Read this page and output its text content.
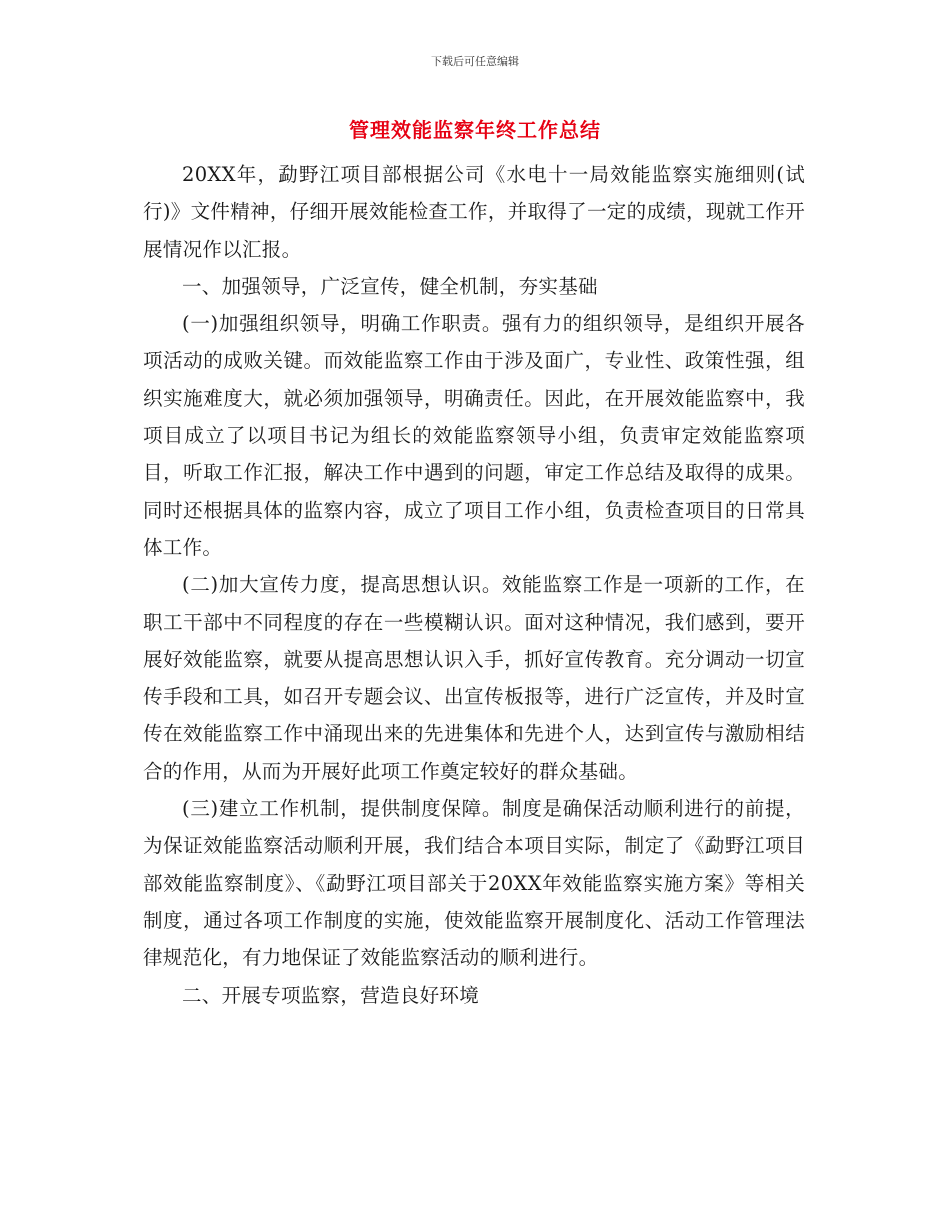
下载后可任意编辑
管理效能监察年终工作总结

20XX年，勐野江项目部根据公司《水电十一局效能监察实施细则(试行)》文件精神，仔细开展效能检查工作，并取得了一定的成绩，现就工作开展情况作以汇报。

一、加强领导，广泛宣传，健全机制，夯实基础

(一)加强组织领导，明确工作职责。强有力的组织领导，是组织开展各项活动的成败关键。而效能监察工作由于涉及面广，专业性、政策性强，组织实施难度大，就必须加强领导，明确责任。因此，在开展效能监察中，我项目成立了以项目书记为组长的效能监察领导小组，负责审定效能监察项目，听取工作汇报，解决工作中遇到的问题，审定工作总结及取得的成果。同时还根据具体的监察内容，成立了项目工作小组，负责检查项目的日常具体工作。

(二)加大宣传力度，提高思想认识。效能监察工作是一项新的工作，在职工干部中不同程度的存在一些模糊认识。面对这种情况，我们感到，要开展好效能监察，就要从提高思想认识入手，抓好宣传教育。充分调动一切宣传手段和工具，如召开专题会议、出宣传板报等，进行广泛宣传，并及时宣传在效能监察工作中涌现出来的先进集体和先进个人，达到宣传与激励相结合的作用，从而为开展好此项工作奠定较好的群众基础。

(三)建立工作机制，提供制度保障。制度是确保活动顺利进行的前提，为保证效能监察活动顺利开展，我们结合本项目实际，制定了《勐野江项目部效能监察制度》、《勐野江项目部关于20XX年效能监察实施方案》等相关制度，通过各项工作制度的实施，使效能监察开展制度化、活动工作管理法律规范化，有力地保证了效能监察活动的顺利进行。

二、开展专项监察，营造良好环境
